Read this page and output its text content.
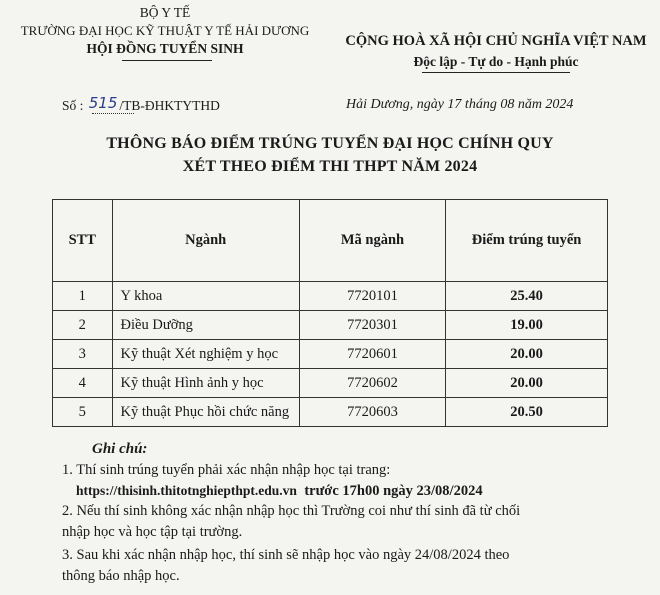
BỘ Y TẾ
TRƯỜNG ĐẠI HỌC KỸ THUẬT Y TẾ HẢI DƯƠNG
HỘI ĐỒNG TUYỂN SINH
Số : 515 /TB-ĐHKTYTHD
CỘNG HOÀ XÃ HỘI CHỦ NGHĨA VIỆT NAM
Độc lập - Tự do - Hạnh phúc
Hải Dương, ngày 17 tháng 08 năm 2024
THÔNG BÁO ĐIỂM TRÚNG TUYỂN ĐẠI HỌC CHÍNH QUY
XÉT THEO ĐIỂM THI THPT NĂM 2024
STT	Ngành	Mã ngành	Điểm trúng tuyển
1	Y khoa	7720101	25.40
2	Điều Dưỡng	7720301	19.00
3	Kỹ thuật Xét nghiệm y học	7720601	20.00
4	Kỹ thuật Hình ảnh y học	7720602	20.00
5	Kỹ thuật Phục hồi chức năng	7720603	20.50
Ghi chú:
1. Thí sinh trúng tuyển phải xác nhận nhập học tại trang:
https://thisinh.thitotnghiepthpt.edu.vn trước 17h00 ngày 23/08/2024
2. Nếu thí sinh không xác nhận nhập học thì Trường coi như thí sinh đã từ chối
nhập học và học tập tại trường.
3. Sau khi xác nhận nhập học, thí sinh sẽ nhập học vào ngày 24/08/2024 theo
thông báo nhập học.
